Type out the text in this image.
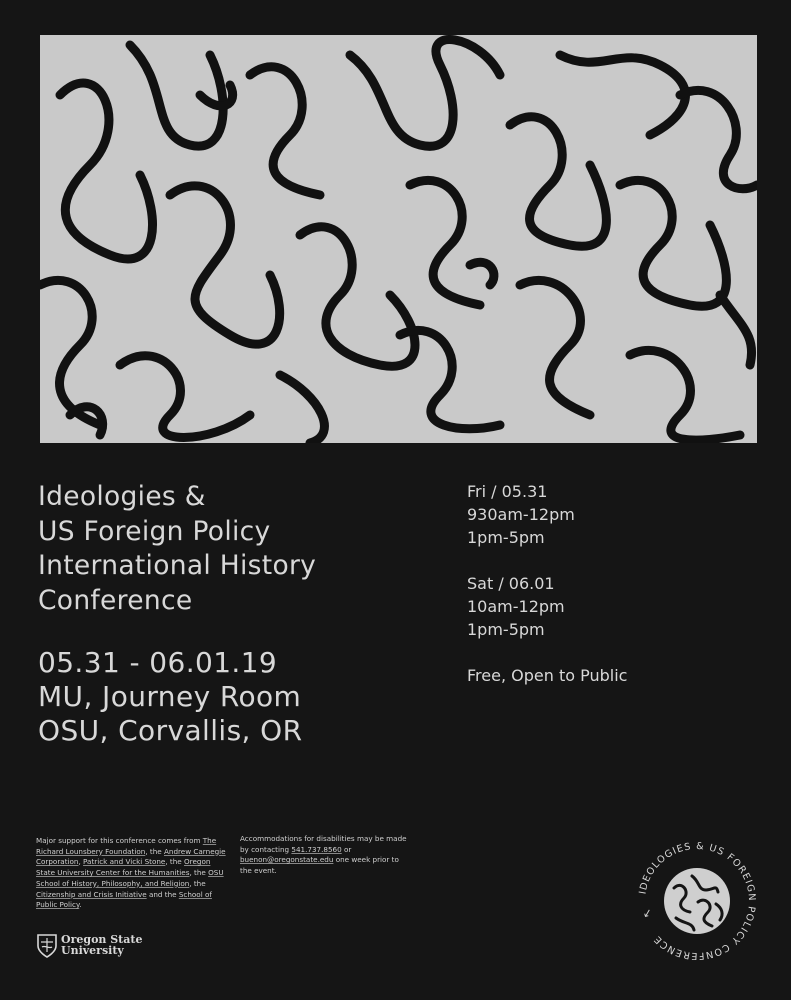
Ideologies &
US Foreign Policy
International History
Conference
05.31 - 06.01.19
MU, Journey Room
OSU, Corvallis, OR
Fri / 05.31
930am-12pm
1pm-5pm
Sat / 06.01
10am-12pm
1pm-5pm
Free, Open to Public
Major support for this conference comes from The Richard Lounsbery Foundation, the Andrew Carnegie Corporation, Patrick and Vicki Stone, the Oregon State University Center for the Humanities, the OSU School of History, Philosophy, and Religion, the Citizenship and Crisis Initiative and the School of Public Policy.
Accommodations for disabilities may be made by contacting 541.737.8560 or buenon@oregonstate.edu one week prior to the event.
Oregon State
University
IDEOLOGIES & US FOREIGN POLICY CONFERENCE
←
